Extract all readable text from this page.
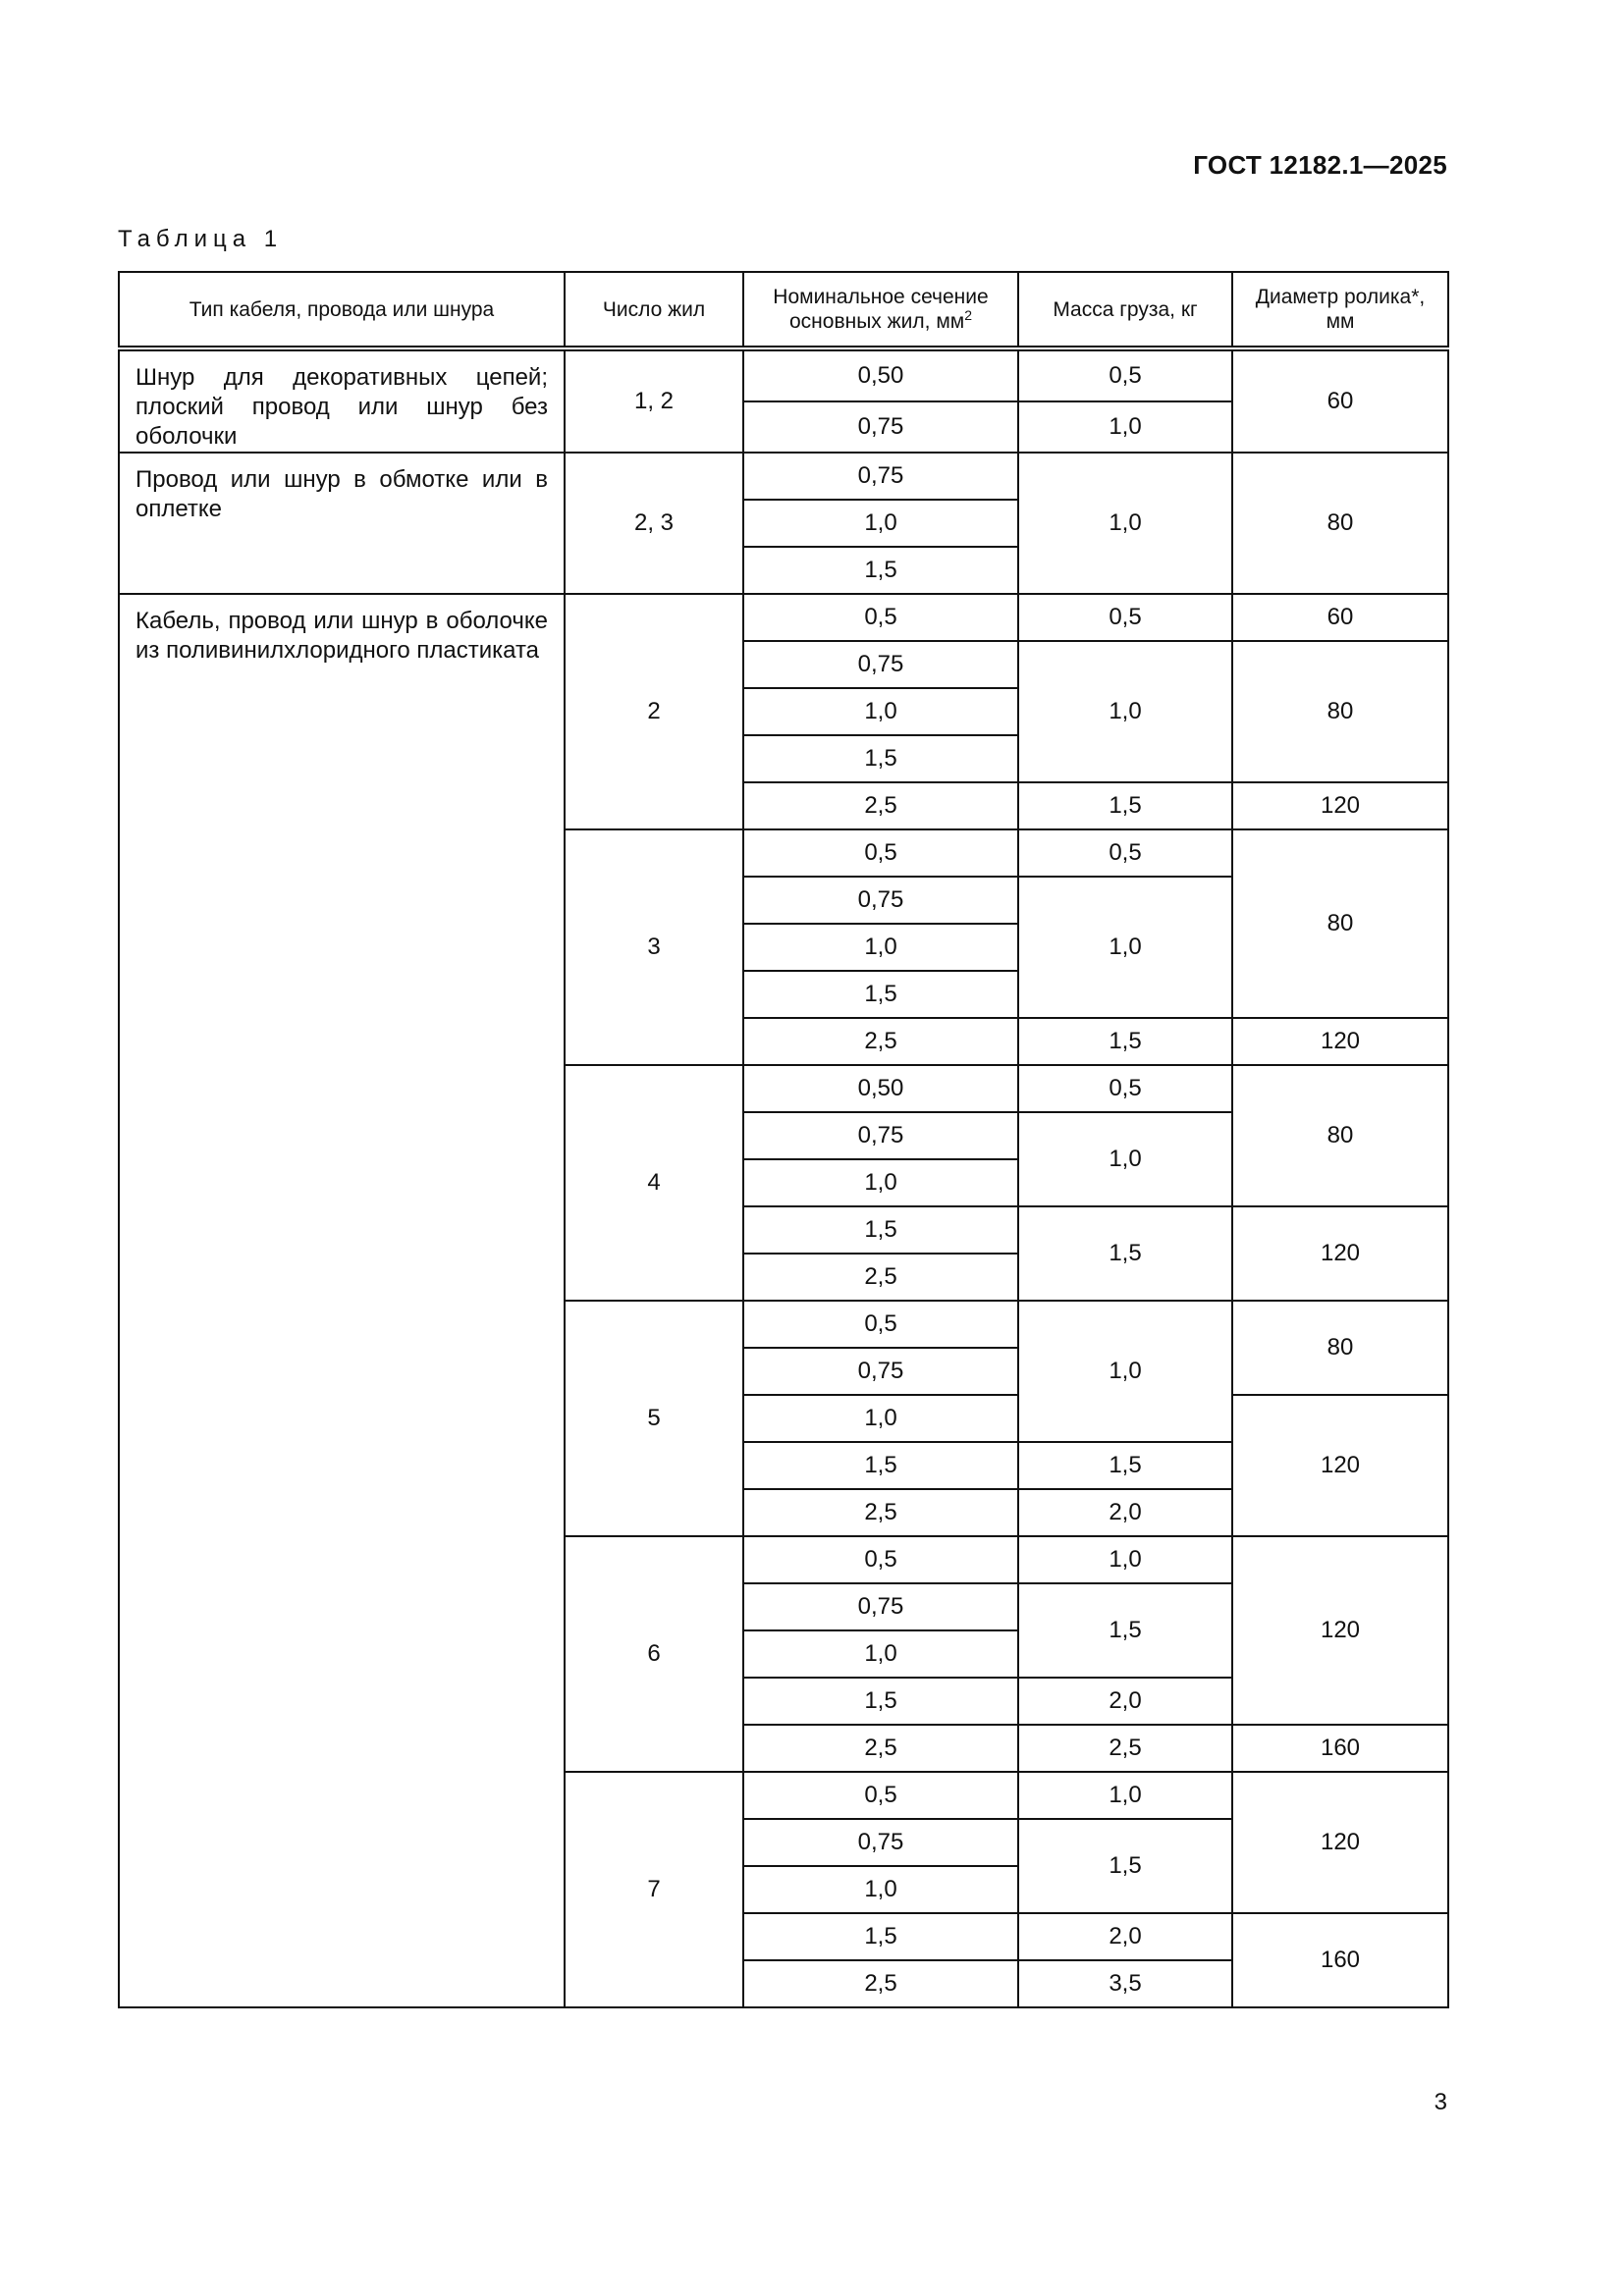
ГОСТ 12182.1—2025
Таблица 1
Тип кабеля, провода или шнура	Число жил	Номинальное сечение основных жил, $мм^2$	Масса груза, кг	Диаметр ролика*, мм

Шнур для декоративных цепей; плоский провод или шнур без оболочки	1, 2	0,50	0,5	60
		0,75	1,0	
Провод или шнур в обмотке или в оплетке	2, 3	0,75	1,0	80
		1,0		
		1,5		
Кабель, провод или шнур в оболочке из поливинилхлоридного пластиката	2	0,5	0,5	60
		0,75	1,0	80
		1,0		
		1,5		
		2,5	1,5	120
	3	0,5	0,5	80
		0,75	1,0	
		1,0		
		1,5		
		2,5	1,5	120
	4	0,50	0,5	80
		0,75	1,0	
		1,0		
		1,5	1,5	120
		2,5		
	5	0,5	1,0	80
		0,75		
		1,0		120
		1,5	1,5	
		2,5	2,0	
	6	0,5	1,0	120
		0,75	1,5	
		1,0		
		1,5	2,0	
		2,5	2,5	160
	7	0,5	1,0	120
		0,75	1,5	
		1,0		
		1,5	2,0	160
		2,5	3,5	
3
